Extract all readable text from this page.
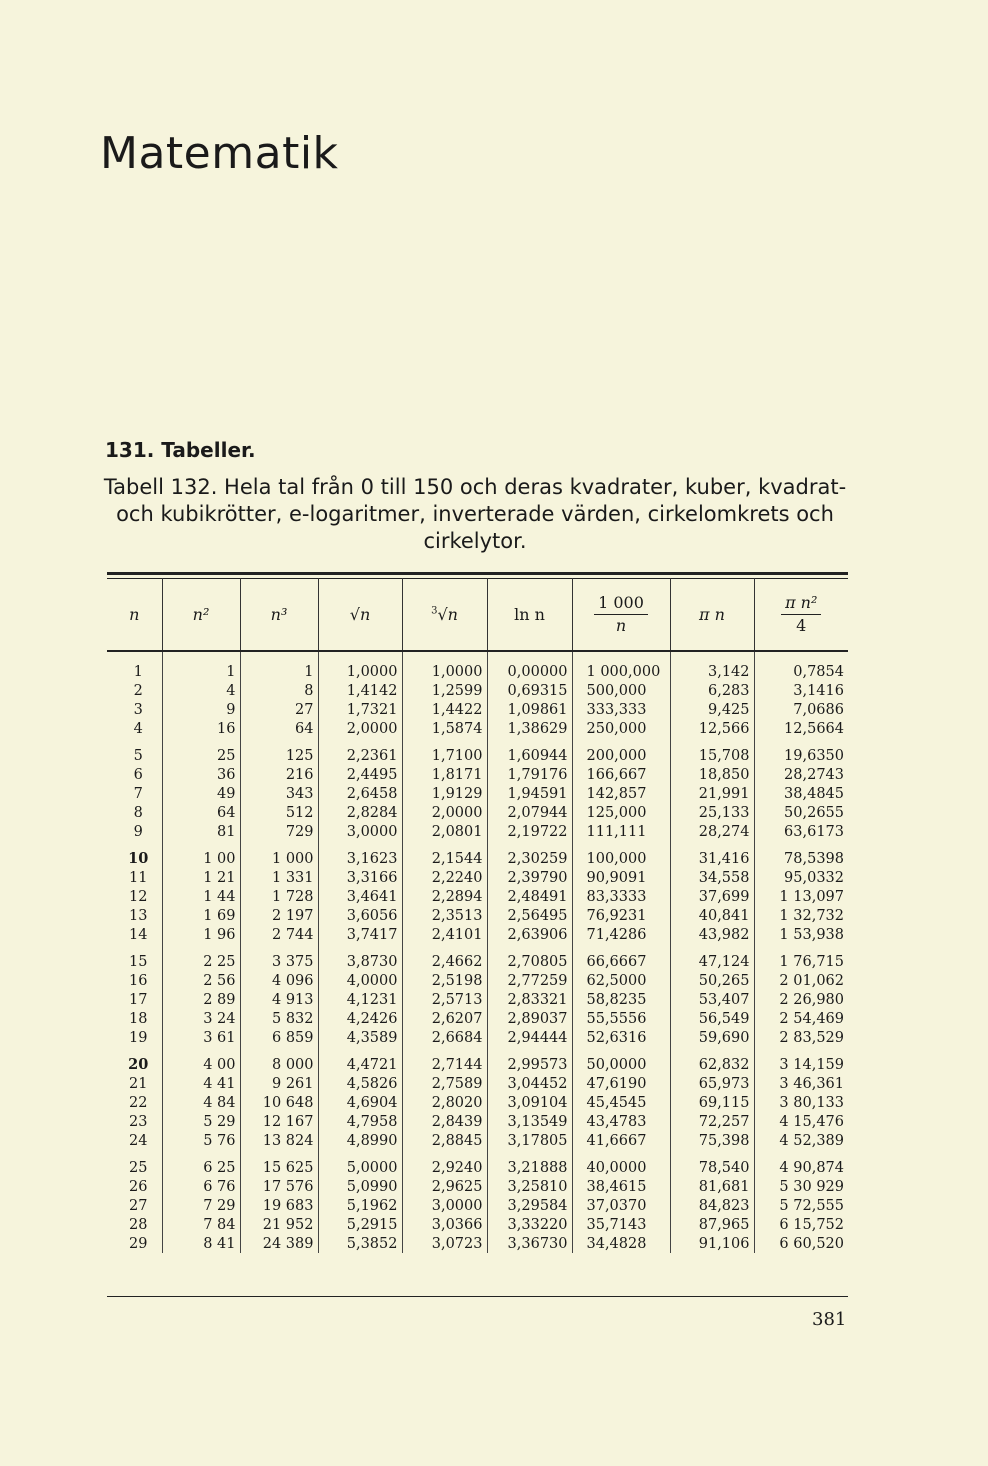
Matematik
131. Tabeller.
Tabell 132. Hela tal från 0 till 150 och deras kvadrater, kuber, kvadrat-
och kubikrötter, e-logaritmer, inverterade värden, cirkelomkrets och
cirkelytor.
n	n²	n³	√n	$^3$√n	ln n	$\frac{1 000}{n}$	π n	$\frac{\text{π n²}}{4}$

1	1	1	1,0000	1,0000	0,00000	1 000,000	3,142	0,7854
2	4	8	1,4142	1,2599	0,69315	500,000	6,283	3,1416
3	9	27	1,7321	1,4422	1,09861	333,333	9,425	7,0686
4	16	64	2,0000	1,5874	1,38629	250,000	12,566	12,5664

5	25	125	2,2361	1,7100	1,60944	200,000	15,708	19,6350
6	36	216	2,4495	1,8171	1,79176	166,667	18,850	28,2743
7	49	343	2,6458	1,9129	1,94591	142,857	21,991	38,4845
8	64	512	2,8284	2,0000	2,07944	125,000	25,133	50,2655
9	81	729	3,0000	2,0801	2,19722	111,111	28,274	63,6173

10	1 00	1 000	3,1623	2,1544	2,30259	100,000	31,416	78,5398
11	1 21	1 331	3,3166	2,2240	2,39790	90,9091	34,558	95,0332
12	1 44	1 728	3,4641	2,2894	2,48491	83,3333	37,699	1 13,097
13	1 69	2 197	3,6056	2,3513	2,56495	76,9231	40,841	1 32,732
14	1 96	2 744	3,7417	2,4101	2,63906	71,4286	43,982	1 53,938

15	2 25	3 375	3,8730	2,4662	2,70805	66,6667	47,124	1 76,715
16	2 56	4 096	4,0000	2,5198	2,77259	62,5000	50,265	2 01,062
17	2 89	4 913	4,1231	2,5713	2,83321	58,8235	53,407	2 26,980
18	3 24	5 832	4,2426	2,6207	2,89037	55,5556	56,549	2 54,469
19	3 61	6 859	4,3589	2,6684	2,94444	52,6316	59,690	2 83,529

20	4 00	8 000	4,4721	2,7144	2,99573	50,0000	62,832	3 14,159
21	4 41	9 261	4,5826	2,7589	3,04452	47,6190	65,973	3 46,361
22	4 84	10 648	4,6904	2,8020	3,09104	45,4545	69,115	3 80,133
23	5 29	12 167	4,7958	2,8439	3,13549	43,4783	72,257	4 15,476
24	5 76	13 824	4,8990	2,8845	3,17805	41,6667	75,398	4 52,389

25	6 25	15 625	5,0000	2,9240	3,21888	40,0000	78,540	4 90,874
26	6 76	17 576	5,0990	2,9625	3,25810	38,4615	81,681	5 30 929
27	7 29	19 683	5,1962	3,0000	3,29584	37,0370	84,823	5 72,555
28	7 84	21 952	5,2915	3,0366	3,33220	35,7143	87,965	6 15,752
29	8 41	24 389	5,3852	3,0723	3,36730	34,4828	91,106	6 60,520
381
